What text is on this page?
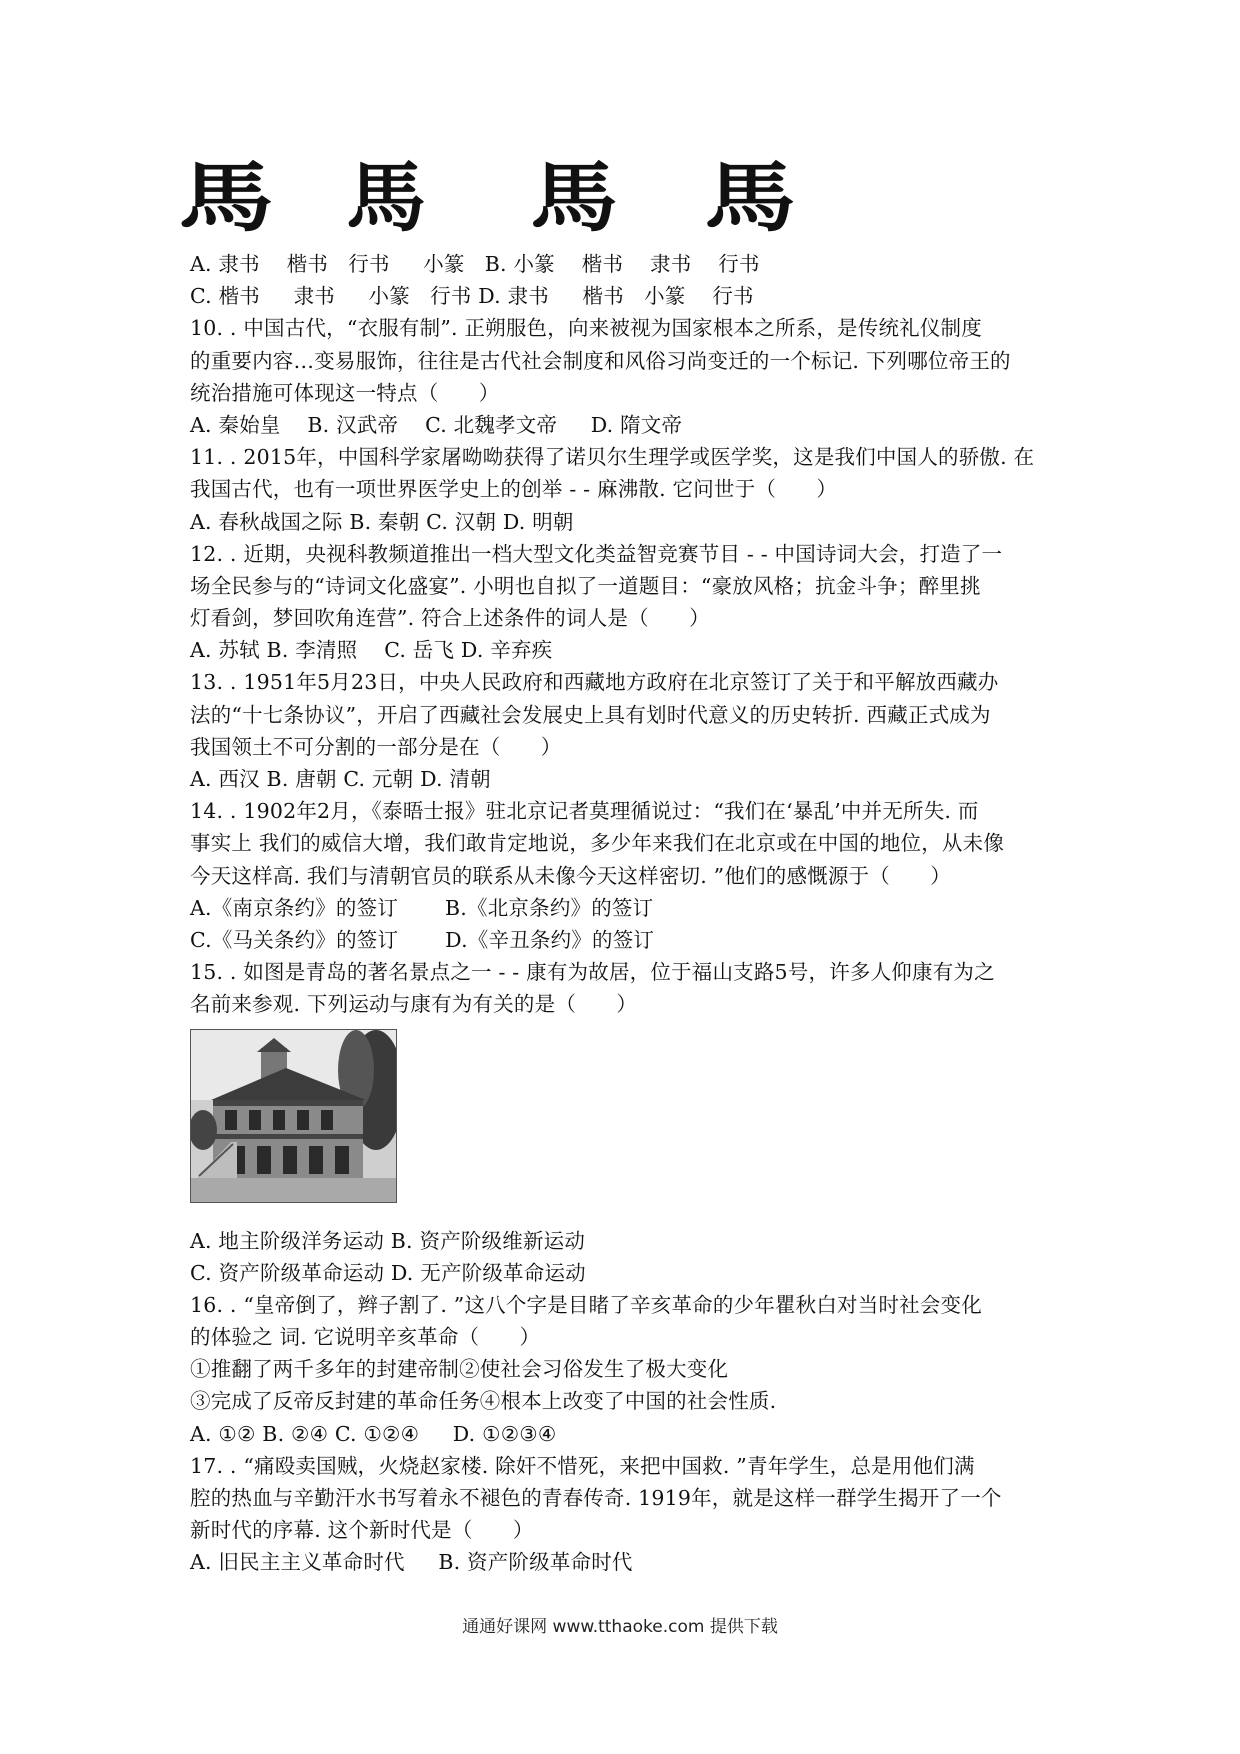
馬 馬 馬 馬
A. 隶书    楷书   行书     小篆   B. 小篆    楷书    隶书    行书
C. 楷书     隶书     小篆   行书 D. 隶书     楷书   小篆    行书
10. . 中国古代，“衣服有制”. 正朔服色，向来被视为国家根本之所系，是传统礼仪制度
的重要内容…变易服饰，往往是古代社会制度和风俗习尚变迁的一个标记. 下列哪位帝王的
统治措施可体现这一特点（      ）
A. 秦始皇    B. 汉武帝    C. 北魏孝文帝     D. 隋文帝
11. . 2015年，中国科学家屠呦呦获得了诺贝尔生理学或医学奖，这是我们中国人的骄傲. 在
我国古代，也有一项世界医学史上的创举 - - 麻沸散. 它问世于（      ）
A. 春秋战国之际 B. 秦朝 C. 汉朝 D. 明朝
12. . 近期，央视科教频道推出一档大型文化类益智竞赛节目 - - 中国诗词大会，打造了一
场全民参与的“诗词文化盛宴”. 小明也自拟了一道题目：“豪放风格；抗金斗争；醉里挑
灯看剑，梦回吹角连营”. 符合上述条件的词人是（      ）
A. 苏轼 B. 李清照    C. 岳飞 D. 辛弃疾
13. . 1951年5月23日，中央人民政府和西藏地方政府在北京签订了关于和平解放西藏办
法的“十七条协议”，开启了西藏社会发展史上具有划时代意义的历史转折. 西藏正式成为
我国领土不可分割的一部分是在（      ）
A. 西汉 B. 唐朝 C. 元朝 D. 清朝
14. . 1902年2月，《泰晤士报》驻北京记者莫理循说过：“我们在‘暴乱’中并无所失. 而
事实上 我们的威信大增，我们敢肯定地说，多少年来我们在北京或在中国的地位，从未像
今天这样高. 我们与清朝官员的联系从未像今天这样密切. ”他们的感慨源于（      ）
A.《南京条约》的签订       B.《北京条约》的签订
C.《马关条约》的签订       D.《辛丑条约》的签订
15. . 如图是青岛的著名景点之一 - - 康有为故居，位于福山支路5号，许多人仰康有为之
名前来参观. 下列运动与康有为有关的是（      ）
A. 地主阶级洋务运动 B. 资产阶级维新运动
C. 资产阶级革命运动 D. 无产阶级革命运动
16. . “皇帝倒了，辫子割了. ”这八个字是目睹了辛亥革命的少年瞿秋白对当时社会变化
的体验之 词. 它说明辛亥革命（      ）
①推翻了两千多年的封建帝制②使社会习俗发生了极大变化
③完成了反帝反封建的革命任务④根本上改变了中国的社会性质.
A. ①② B. ②④ C. ①②④     D. ①②③④
17. . “痛殴卖国贼，火烧赵家楼. 除奸不惜死，来把中国救. ”青年学生，总是用他们满
腔的热血与辛勤汗水书写着永不褪色的青春传奇. 1919年，就是这样一群学生揭开了一个
新时代的序幕. 这个新时代是（      ）
A. 旧民主主义革命时代     B. 资产阶级革命时代
通通好课网 www.tthaoke.com 提供下载
